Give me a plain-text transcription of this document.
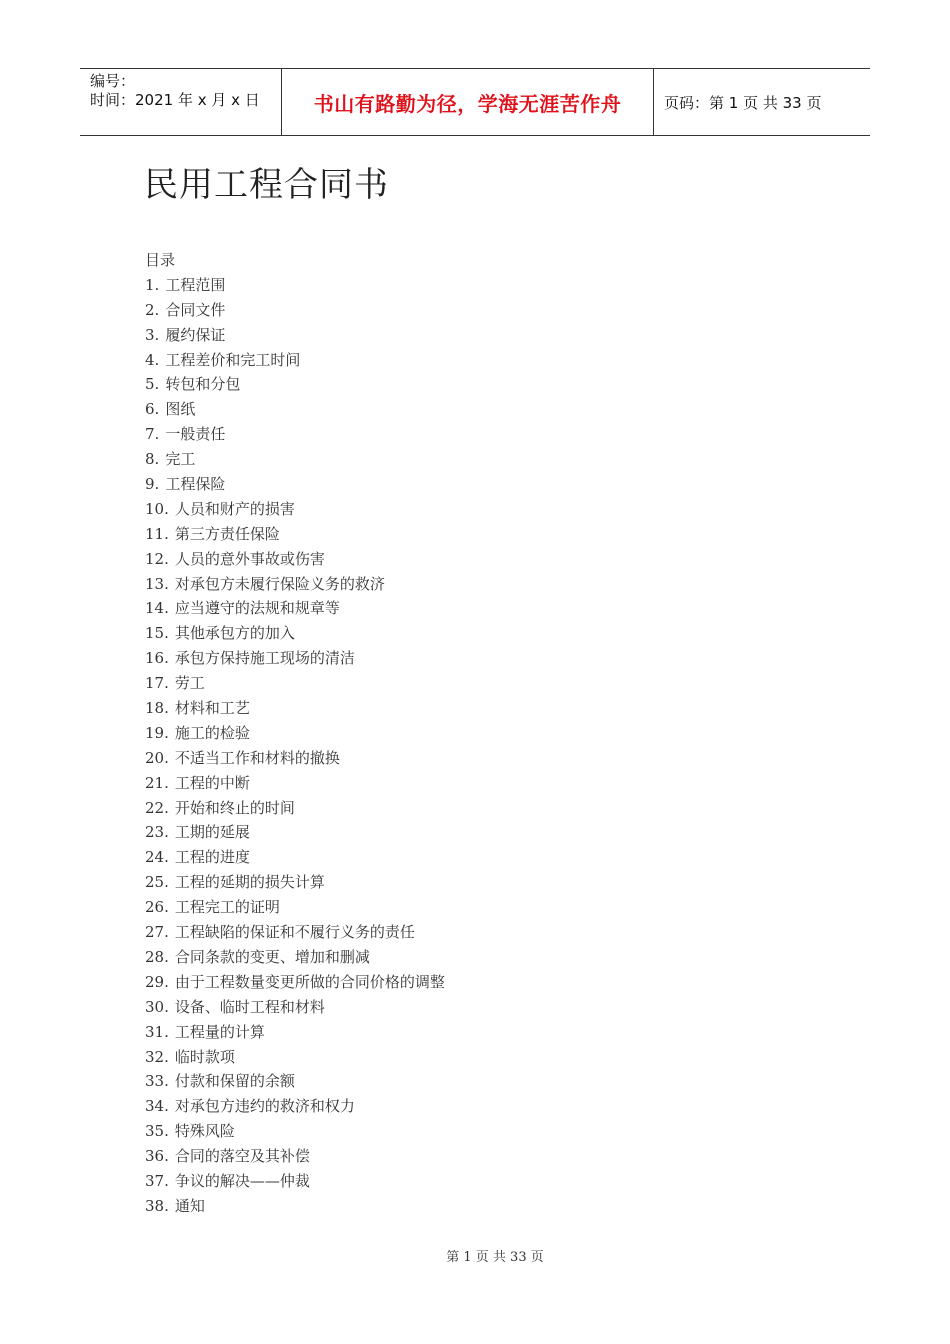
编号：
时间：2021 年 x 月 x 日	书山有路勤为径，学海无涯苦作舟	页码：第 1 页 共 33 页
民用工程合同书
目录
1. 工程范围
2. 合同文件
3. 履约保证
4. 工程差价和完工时间
5. 转包和分包
6. 图纸
7. 一般责任
8. 完工
9. 工程保险
10. 人员和财产的损害
11. 第三方责任保险
12. 人员的意外事故或伤害
13. 对承包方未履行保险义务的救济
14. 应当遵守的法规和规章等
15. 其他承包方的加入
16. 承包方保持施工现场的清洁
17. 劳工
18. 材料和工艺
19. 施工的检验
20. 不适当工作和材料的撤换
21. 工程的中断
22. 开始和终止的时间
23. 工期的延展
24. 工程的进度
25. 工程的延期的损失计算
26. 工程完工的证明
27. 工程缺陷的保证和不履行义务的责任
28. 合同条款的变更、增加和删减
29. 由于工程数量变更所做的合同价格的调整
30. 设备、临时工程和材料
31. 工程量的计算
32. 临时款项
33. 付款和保留的余额
34. 对承包方违约的救济和权力
35. 特殊风险
36. 合同的落空及其补偿
37. 争议的解决——仲裁
38. 通知
第 1 页 共 33 页
